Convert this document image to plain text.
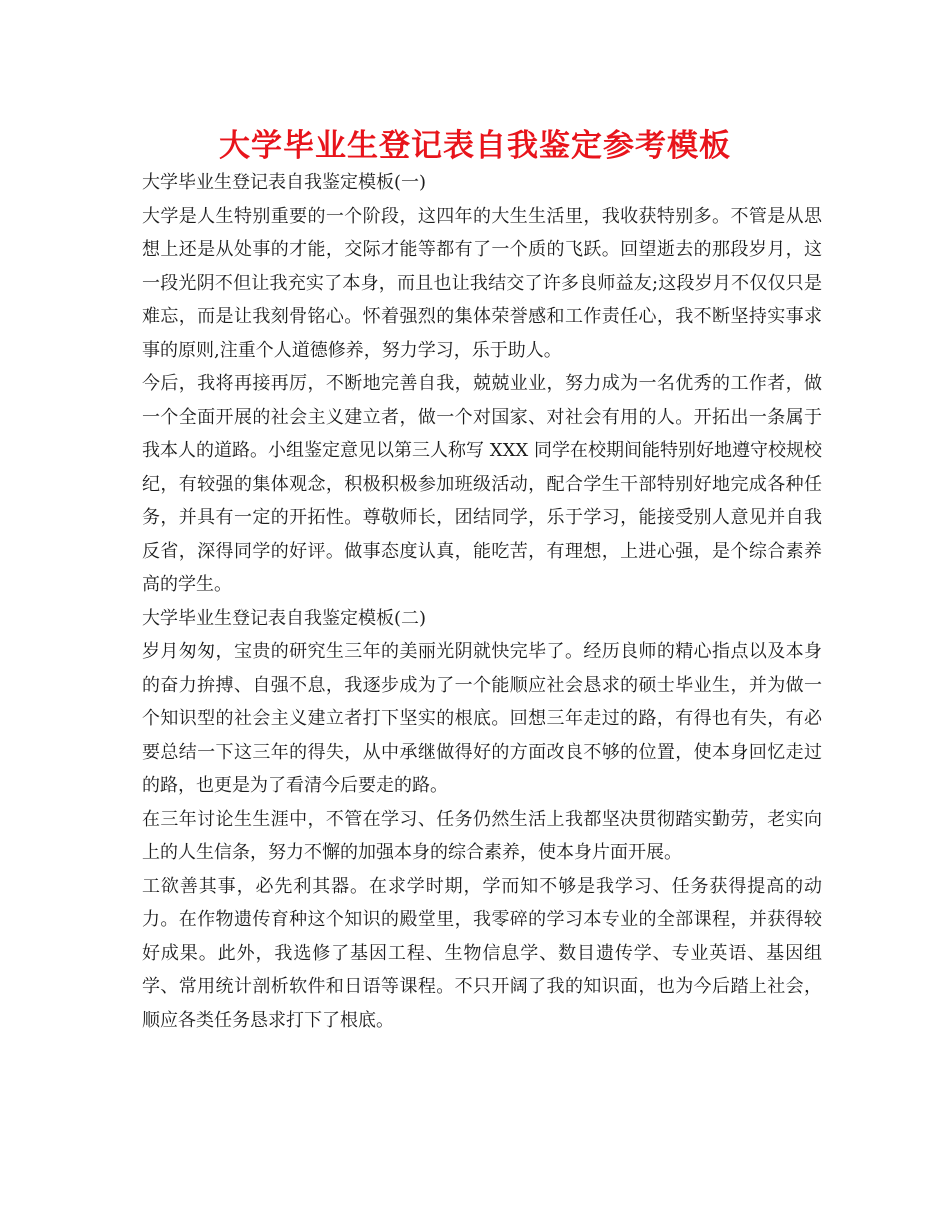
大学毕业生登记表自我鉴定参考模板

大学毕业生登记表自我鉴定模板(一)

大学是人生特别重要的一个阶段，这四年的大生生活里，我收获特别多。不管是从思想上还是从处事的才能，交际才能等都有了一个质的飞跃。回望逝去的那段岁月，这一段光阴不但让我充实了本身，而且也让我结交了许多良师益友;这段岁月不仅仅只是难忘，而是让我刻骨铭心。怀着强烈的集体荣誉感和工作责任心，我不断坚持实事求事的原则,注重个人道德修养，努力学习，乐于助人。

今后，我将再接再厉，不断地完善自我，兢兢业业，努力成为一名优秀的工作者，做一个全面开展的社会主义建立者，做一个对国家、对社会有用的人。开拓出一条属于我本人的道路。小组鉴定意见以第三人称写 XXX 同学在校期间能特别好地遵守校规校纪，有较强的集体观念，积极积极参加班级活动，配合学生干部特别好地完成各种任务，并具有一定的开拓性。尊敬师长，团结同学，乐于学习，能接受别人意见并自我反省，深得同学的好评。做事态度认真，能吃苦，有理想，上进心强，是个综合素养高的学生。

大学毕业生登记表自我鉴定模板(二)

岁月匆匆，宝贵的研究生三年的美丽光阴就快完毕了。经历良师的精心指点以及本身的奋力拚搏、自强不息，我逐步成为了一个能顺应社会恳求的硕士毕业生，并为做一个知识型的社会主义建立者打下坚实的根底。回想三年走过的路，有得也有失，有必要总结一下这三年的得失，从中承继做得好的方面改良不够的位置，使本身回忆走过的路，也更是为了看清今后要走的路。

在三年讨论生生涯中，不管在学习、任务仍然生活上我都坚决贯彻踏实勤劳，老实向上的人生信条，努力不懈的加强本身的综合素养，使本身片面开展。

工欲善其事，必先利其器。在求学时期，学而知不够是我学习、任务获得提高的动力。在作物遗传育种这个知识的殿堂里，我零碎的学习本专业的全部课程，并获得较好成果。此外，我选修了基因工程、生物信息学、数目遗传学、专业英语、基因组学、常用统计剖析软件和日语等课程。不只开阔了我的知识面，也为今后踏上社会，顺应各类任务恳求打下了根底。
